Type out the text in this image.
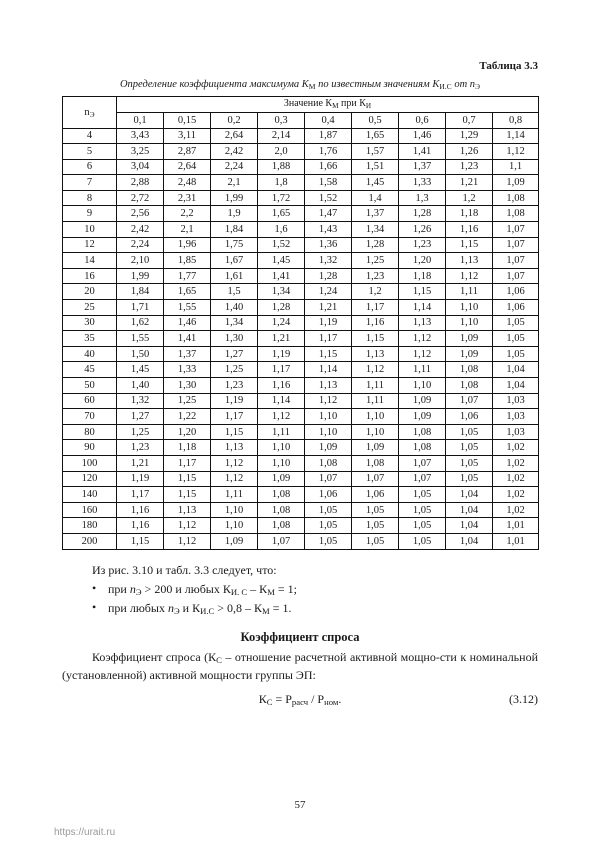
Таблица 3.3
Определение коэффициента максимума $К_М$ по известным значениям $К_{И.С}$ от $n_Э$
$n_Э$	Значение $К_М$ при $К_И$
	0,1	0,15	0,2	0,3	0,4	0,5	0,6	0,7	0,8
4	3,43	3,11	2,64	2,14	1,87	1,65	1,46	1,29	1,14
5	3,25	2,87	2,42	2,0	1,76	1,57	1,41	1,26	1,12
6	3,04	2,64	2,24	1,88	1,66	1,51	1,37	1,23	1,1
7	2,88	2,48	2,1	1,8	1,58	1,45	1,33	1,21	1,09
8	2,72	2,31	1,99	1,72	1,52	1,4	1,3	1,2	1,08
9	2,56	2,2	1,9	1,65	1,47	1,37	1,28	1,18	1,08
10	2,42	2,1	1,84	1,6	1,43	1,34	1,26	1,16	1,07
12	2,24	1,96	1,75	1,52	1,36	1,28	1,23	1,15	1,07
14	2,10	1,85	1,67	1,45	1,32	1,25	1,20	1,13	1,07
16	1,99	1,77	1,61	1,41	1,28	1,23	1,18	1,12	1,07
20	1,84	1,65	1,5	1,34	1,24	1,2	1,15	1,11	1,06
25	1,71	1,55	1,40	1,28	1,21	1,17	1,14	1,10	1,06
30	1,62	1,46	1,34	1,24	1,19	1,16	1,13	1,10	1,05
35	1,55	1,41	1,30	1,21	1,17	1,15	1,12	1,09	1,05
40	1,50	1,37	1,27	1,19	1,15	1,13	1,12	1,09	1,05
45	1,45	1,33	1,25	1,17	1,14	1,12	1,11	1,08	1,04
50	1,40	1,30	1,23	1,16	1,13	1,11	1,10	1,08	1,04
60	1,32	1,25	1,19	1,14	1,12	1,11	1,09	1,07	1,03
70	1,27	1,22	1,17	1,12	1,10	1,10	1,09	1,06	1,03
80	1,25	1,20	1,15	1,11	1,10	1,10	1,08	1,05	1,03
90	1,23	1,18	1,13	1,10	1,09	1,09	1,08	1,05	1,02
100	1,21	1,17	1,12	1,10	1,08	1,08	1,07	1,05	1,02
120	1,19	1,15	1,12	1,09	1,07	1,07	1,07	1,05	1,02
140	1,17	1,15	1,11	1,08	1,06	1,06	1,05	1,04	1,02
160	1,16	1,13	1,10	1,08	1,05	1,05	1,05	1,04	1,02
180	1,16	1,12	1,10	1,08	1,05	1,05	1,05	1,04	1,01
200	1,15	1,12	1,09	1,07	1,05	1,05	1,05	1,04	1,01

Из рис. 3.10 и табл. 3.3 следует, что:

• при $n_Э > 200$ и любых $К_{И. С} - К_М = 1$;
• при любых $n_Э$ и $К_{И.С} > 0,8 - К_М = 1$.
Коэффициент спроса

Коэффициент спроса ($К_С$ – отношение расчетной активной мощно-сти к номинальной (установленной) активной мощности группы ЭП:

$К_С = Р_{расч} / Р_{ном}$.	(3.12)
57
https://urait.ru
